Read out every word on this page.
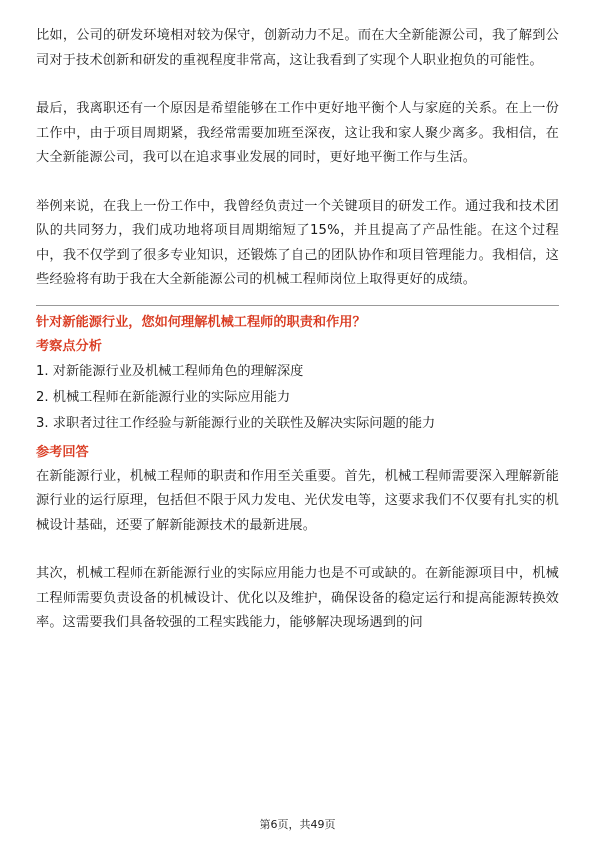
比如，公司的研发环境相对较为保守，创新动力不足。而在大全新能源公司，我了解到公司对于技术创新和研发的重视程度非常高，这让我看到了实现个人职业抱负的可能性。

最后，我离职还有一个原因是希望能够在工作中更好地平衡个人与家庭的关系。在上一份工作中，由于项目周期紧，我经常需要加班至深夜，这让我和家人聚少离多。我相信，在大全新能源公司，我可以在追求事业发展的同时，更好地平衡工作与生活。

举例来说，在我上一份工作中，我曾经负责过一个关键项目的研发工作。通过我和技术团队的共同努力，我们成功地将项目周期缩短了15%，并且提高了产品性能。在这个过程中，我不仅学到了很多专业知识，还锻炼了自己的团队协作和项目管理能力。我相信，这些经验将有助于我在大全新能源公司的机械工程师岗位上取得更好的成绩。

针对新能源行业，您如何理解机械工程师的职责和作用？

考察点分析

1. 对新能源行业及机械工程师角色的理解深度
2. 机械工程师在新能源行业的实际应用能力
3. 求职者过往工作经验与新能源行业的关联性及解决实际问题的能力

参考回答

在新能源行业，机械工程师的职责和作用至关重要。首先，机械工程师需要深入理解新能源行业的运行原理，包括但不限于风力发电、光伏发电等，这要求我们不仅要有扎实的机械设计基础，还要了解新能源技术的最新进展。

其次，机械工程师在新能源行业的实际应用能力也是不可或缺的。在新能源项目中，机械工程师需要负责设备的机械设计、优化以及维护，确保设备的稳定运行和提高能源转换效率。这需要我们具备较强的工程实践能力，能够解决现场遇到的问

第6页，共49页
